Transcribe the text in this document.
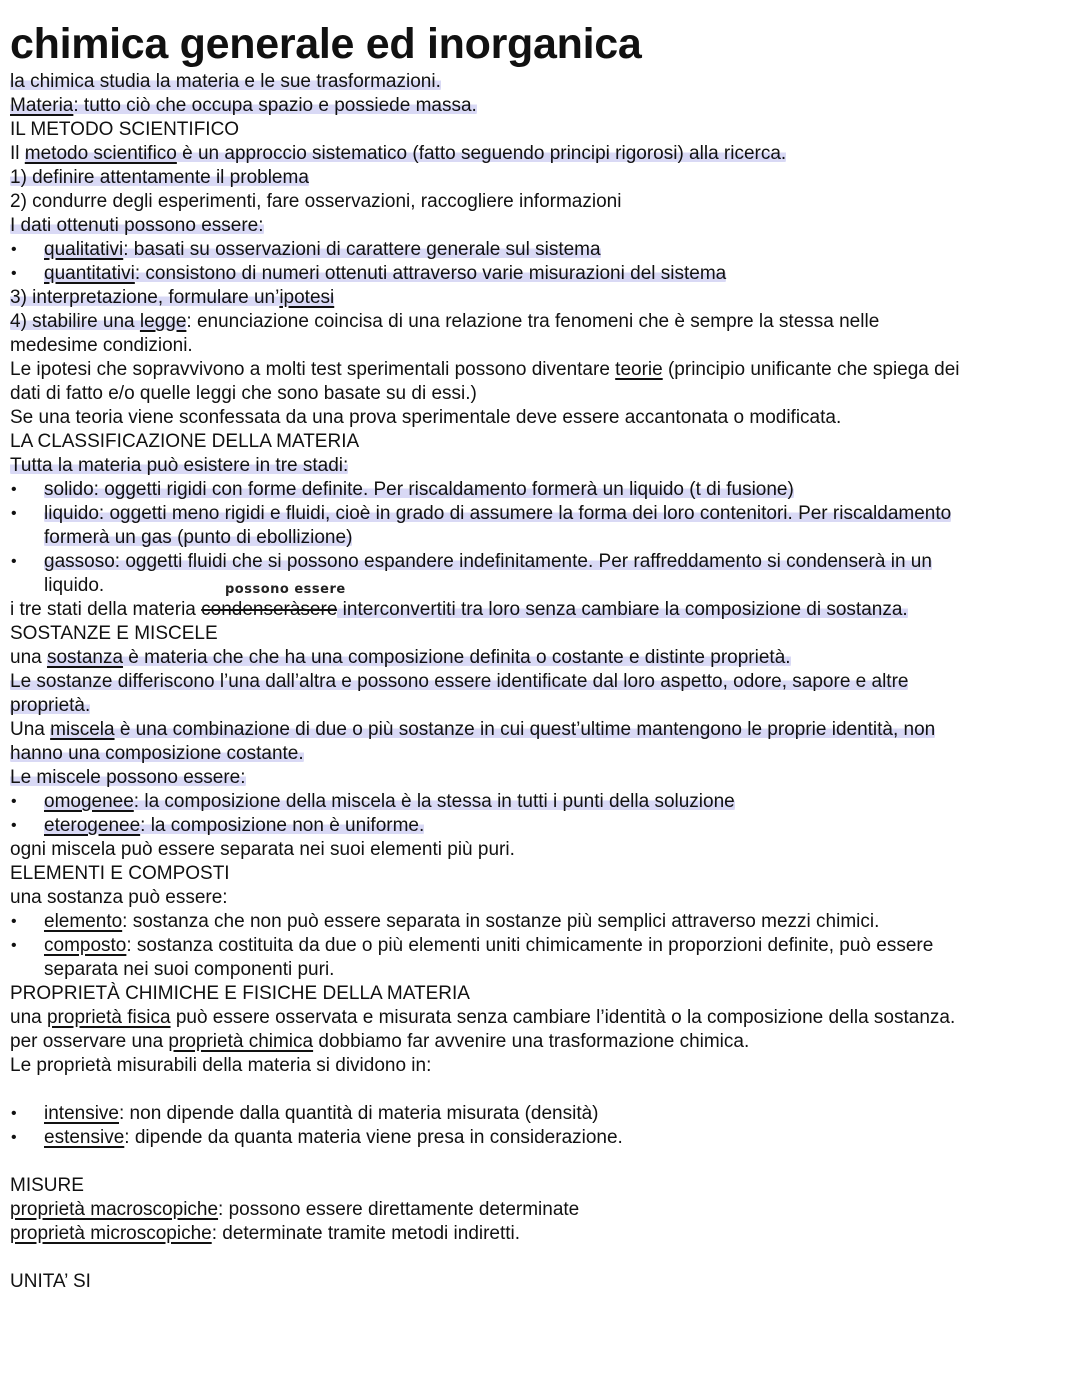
chimica generale ed inorganica
la chimica studia la materia e le sue trasformazioni.
Materia: tutto ciò che occupa spazio e possiede massa.
IL METODO SCIENTIFICO
Il metodo scientifico è un approccio sistematico (fatto seguendo principi rigorosi) alla ricerca.
1) definire attentamente il problema
2) condurre degli esperimenti, fare osservazioni, raccogliere informazioni
I dati ottenuti possono essere:
• qualitativi: basati su osservazioni di carattere generale sul sistema
• quantitativi: consistono di numeri ottenuti attraverso varie misurazioni del sistema
3) interpretazione, formulare un’ipotesi
4) stabilire una legge: enunciazione coincisa di una relazione tra fenomeni che è sempre la stessa nelle
medesime condizioni.
Le ipotesi che sopravvivono a molti test sperimentali possono diventare teorie (principio unificante che spiega dei
dati di fatto e/o quelle leggi che sono basate su di essi.)
Se una teoria viene sconfessata da una prova sperimentale deve essere accantonata o modificata.
LA CLASSIFICAZIONE DELLA MATERIA
Tutta la materia può esistere in tre stadi:
• solido: oggetti rigidi con forme definite. Per riscaldamento formerà un liquido (t di fusione)
• liquido: oggetti meno rigidi e fluidi, cioè in grado di assumere la forma dei loro contenitori. Per riscaldamento
formerà un gas (punto di ebollizione)
• gassoso: oggetti fluidi che si possono espandere indefinitamente. Per raffreddamento si condenserà in un
liquido.	possono essere
i tre stati della materia condenseràsere interconvertiti tra loro senza cambiare la composizione di sostanza.
SOSTANZE E MISCELE
una sostanza è materia che che ha una composizione definita o costante e distinte proprietà.
Le sostanze differiscono l’una dall’altra e possono essere identificate dal loro aspetto, odore, sapore e altre
proprietà.
Una miscela è una combinazione di due o più sostanze in cui quest’ultime mantengono le proprie identità, non
hanno una composizione costante.
Le miscele possono essere:
• omogenee: la composizione della miscela è la stessa in tutti i punti della soluzione
• eterogenee: la composizione non è uniforme.
ogni miscela può essere separata nei suoi elementi più puri.
ELEMENTI E COMPOSTI
una sostanza può essere:
• elemento: sostanza che non può essere separata in sostanze più semplici attraverso mezzi chimici.
• composto: sostanza costituita da due o più elementi uniti chimicamente in proporzioni definite, può essere
separata nei suoi componenti puri.
PROPRIETÀ CHIMICHE E FISICHE DELLA MATERIA
una proprietà fisica può essere osservata e misurata senza cambiare l’identità o la composizione della sostanza.
per osservare una proprietà chimica dobbiamo far avvenire una trasformazione chimica.
Le proprietà misurabili della materia si dividono in:
• intensive: non dipende dalla quantità di materia misurata (densità)
• estensive: dipende da quanta materia viene presa in considerazione.
MISURE
proprietà macroscopiche: possono essere direttamente determinate
proprietà microscopiche: determinate tramite metodi indiretti.
UNITA’ SI
